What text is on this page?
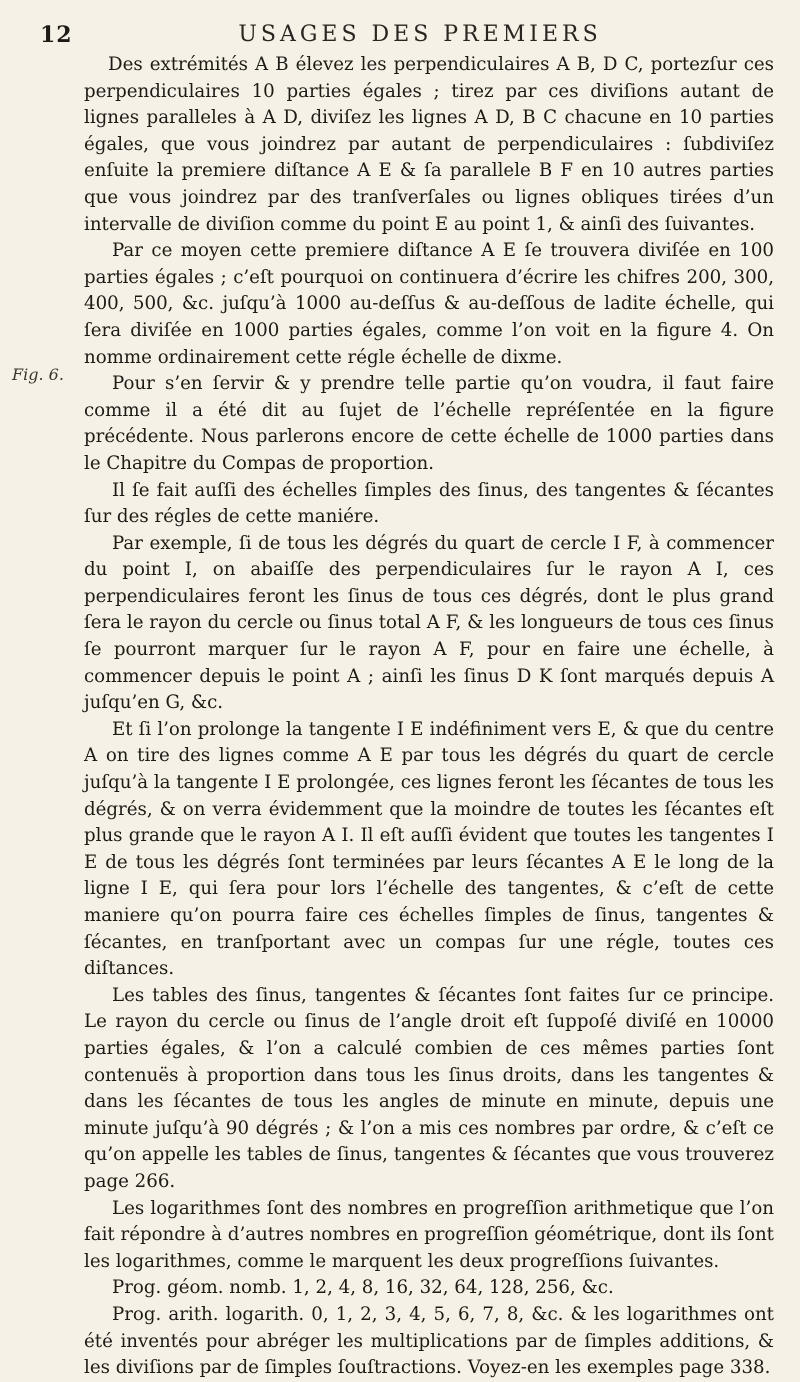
12	USAGES DES PREMIERS
Fig. 6.

Des extrémités A B élevez les perpendiculaires A B, D C, portezſur ces perpendiculaires 10 parties égales ; tirez par ces diviſions autant de lignes paralleles à A D, diviſez les lignes A D, B C chacune en 10 parties égales, que vous joindrez par autant de perpendiculaires : ſubdiviſez enſuite la premiere diſtance A E & ſa parallele B F en 10 autres parties que vous joindrez par des tranſverſales ou lignes obliques tirées d’un intervalle de diviſion comme du point E au point 1, & ainſi des ſuivantes.

Par ce moyen cette premiere diſtance A E ſe trouvera diviſée en 100 parties égales ; c’eſt pourquoi on continuera d’écrire les chifres 200, 300, 400, 500, &c. juſqu’à 1000 au-deſſus & au-deſſous de ladite échelle, qui ſera diviſée en 1000 parties égales, comme l’on voit en la figure 4. On nomme ordinairement cette régle échelle de dixme.

Pour s’en ſervir & y prendre telle partie qu’on voudra, il faut faire comme il a été dit au ſujet de l’échelle repréſentée en la figure précédente. Nous parlerons encore de cette échelle de 1000 parties dans le Chapitre du Compas de proportion.

Il ſe fait auſſi des échelles ſimples des ſinus, des tangentes & ſécantes ſur des régles de cette maniére.

Par exemple, ſi de tous les dégrés du quart de cercle I F, à commencer du point I, on abaiſſe des perpendiculaires ſur le rayon A I, ces perpendiculaires feront les ſinus de tous ces dégrés, dont le plus grand ſera le rayon du cercle ou ſinus total A F, & les longueurs de tous ces ſinus ſe pourront marquer ſur le rayon A F, pour en faire une échelle, à commencer depuis le point A ; ainſi les ſinus D K ſont marqués depuis A juſqu’en G, &c.

Et ſi l’on prolonge la tangente I E indéfiniment vers E, & que du centre A on tire des lignes comme A E par tous les dégrés du quart de cercle juſqu’à la tangente I E prolongée, ces lignes feront les ſécantes de tous les dégrés, & on verra évidemment que la moindre de toutes les ſécantes eſt plus grande que le rayon A I. Il eſt auſſi évident que toutes les tangentes I E de tous les dégrés ſont terminées par leurs ſécantes A E le long de la ligne I E, qui ſera pour lors l’échelle des tangentes, & c’eſt de cette maniere qu’on pourra faire ces échelles ſimples de ſinus, tangentes & ſécantes, en tranſportant avec un compas ſur une régle, toutes ces diſtances.

Les tables des ſinus, tangentes & ſécantes ſont faites ſur ce principe. Le rayon du cercle ou ſinus de l’angle droit eſt ſuppoſé diviſé en 10000 parties égales, & l’on a calculé combien de ces mêmes parties ſont contenuës à proportion dans tous les ſinus droits, dans les tangentes & dans les ſécantes de tous les angles de minute en minute, depuis une minute juſqu’à 90 dégrés ; & l’on a mis ces nombres par ordre, & c’eſt ce qu’on appelle les tables de ſinus, tangentes & ſécantes que vous trouverez page 266.

Les logarithmes ſont des nombres en progreſſion arithmetique que l’on fait répondre à d’autres nombres en progreſſion géométrique, dont ils ſont les logarithmes, comme le marquent les deux progreſſions ſuivantes.

Prog. géom. nomb. 1, 2, 4, 8, 16, 32, 64, 128, 256, &c.

Prog. arith. logarith. 0, 1, 2, 3, 4, 5, 6, 7, 8, &c. & les logarithmes ont été inventés pour abréger les multiplications par de ſimples additions, & les diviſions par de ſimples ſouſtractions. Voyez-en les exemples page 338.
